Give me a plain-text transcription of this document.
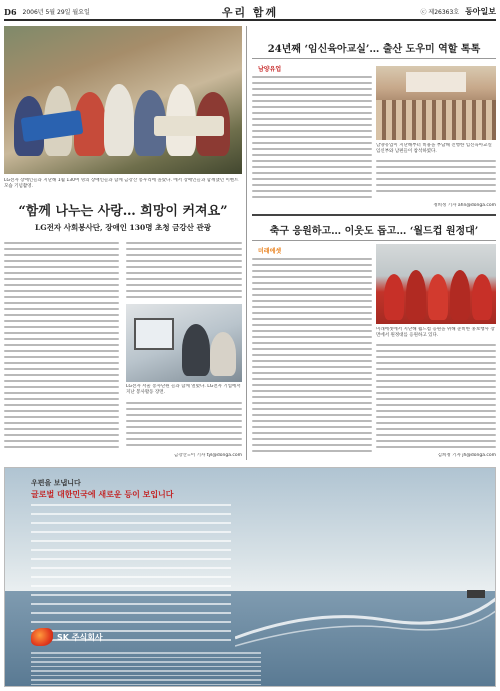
D6 2006년 5월 29일 월요일	우리 함께	ⓒ 제26363호 동아일보
LG전자 장애인들과 지난해 1월 130여 명의 장애인들과 함께 금강산 봉우리에 올랐다. 에서 장애인들과 함께했던 이벤트 모습 기념촬영.
“함께 나누는 사랑… 희망이 커져요”
LG전자 사회봉사단, 장애인 130명 초청 금강산 관광
LG전자 서울 봉사단원 들과 함께 열렸다. LG전자 기업에서 지난 봉사활동 장면.
금강산=이 기자 tyl@donga.com
24년째 ‘임신육아교실’… 출산 도우미 역할 톡톡
남양유업
남양유업이 지난해부터 비용을 부담해 진행한 임신육아교실 임신부와 남편들이 참석하였다.
정희정 기자 ahn@donga.com
축구 응원하고… 이웃도 돕고… ‘월드컵 원정대’
미래에셋
미래에셋에서 지난해 월드컵 응원을 위해 준비한 홍보행사 장면에서 원정대를 응원하고 있다.
김희정 기자 jh@donga.com
우편을 보냅니다
글로벌 대한민국에 새로운 등이 보입니다
SK 주식회사
